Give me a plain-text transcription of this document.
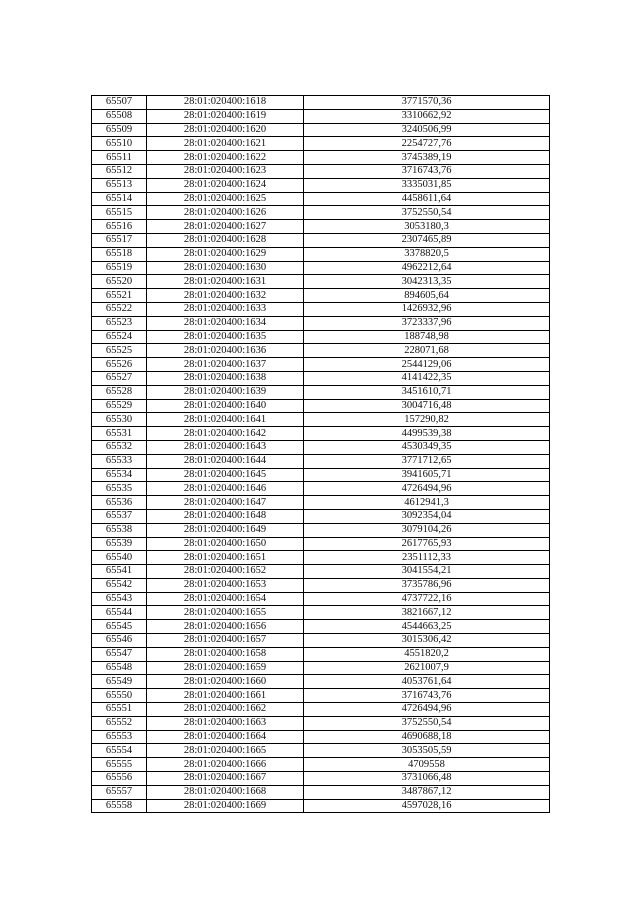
65507	28:01:020400:1618	3771570,36
65508	28:01:020400:1619	3310662,92
65509	28:01:020400:1620	3240506,99
65510	28:01:020400:1621	2254727,76
65511	28:01:020400:1622	3745389,19
65512	28:01:020400:1623	3716743,76
65513	28:01:020400:1624	3335031,85
65514	28:01:020400:1625	4458611,64
65515	28:01:020400:1626	3752550,54
65516	28:01:020400:1627	3053180,3
65517	28:01:020400:1628	2307465,89
65518	28:01:020400:1629	3378820,5
65519	28:01:020400:1630	4962212,64
65520	28:01:020400:1631	3042313,35
65521	28:01:020400:1632	894605,64
65522	28:01:020400:1633	1426932,96
65523	28:01:020400:1634	3723337,96
65524	28:01:020400:1635	188748,98
65525	28:01:020400:1636	228071,68
65526	28:01:020400:1637	2544129,06
65527	28:01:020400:1638	4141422,35
65528	28:01:020400:1639	3451610,71
65529	28:01:020400:1640	3004716,48
65530	28:01:020400:1641	157290,82
65531	28:01:020400:1642	4499539,38
65532	28:01:020400:1643	4530349,35
65533	28:01:020400:1644	3771712,65
65534	28:01:020400:1645	3941605,71
65535	28:01:020400:1646	4726494,96
65536	28:01:020400:1647	4612941,3
65537	28:01:020400:1648	3092354,04
65538	28:01:020400:1649	3079104,26
65539	28:01:020400:1650	2617765,93
65540	28:01:020400:1651	2351112,33
65541	28:01:020400:1652	3041554,21
65542	28:01:020400:1653	3735786,96
65543	28:01:020400:1654	4737722,16
65544	28:01:020400:1655	3821667,12
65545	28:01:020400:1656	4544663,25
65546	28:01:020400:1657	3015306,42
65547	28:01:020400:1658	4551820,2
65548	28:01:020400:1659	2621007,9
65549	28:01:020400:1660	4053761,64
65550	28:01:020400:1661	3716743,76
65551	28:01:020400:1662	4726494,96
65552	28:01:020400:1663	3752550,54
65553	28:01:020400:1664	4690688,18
65554	28:01:020400:1665	3053505,59
65555	28:01:020400:1666	4709558
65556	28:01:020400:1667	3731066,48
65557	28:01:020400:1668	3487867,12
65558	28:01:020400:1669	4597028,16
